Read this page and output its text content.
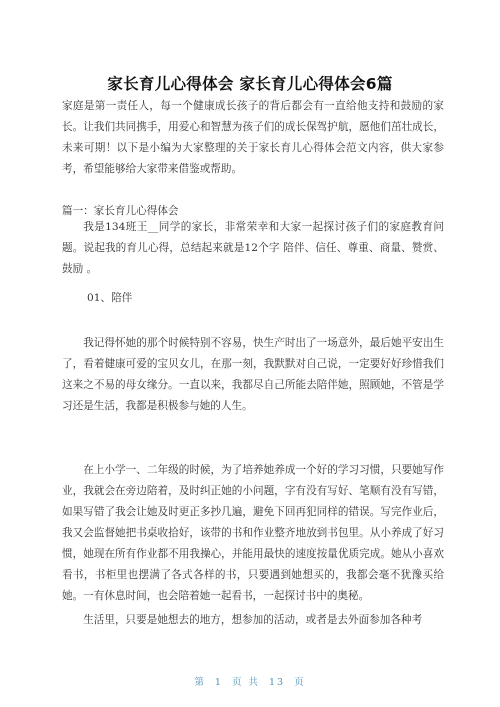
家长育儿心得体会 家长育儿心得体会6篇

家庭是第一责任人，每一个健康成长孩子的背后都会有一直给他支持和鼓励的家长。让我们共同携手，用爱心和智慧为孩子们的成长保驾护航，愿他们茁壮成长，未来可期！以下是小编为大家整理的关于家长育儿心得体会范文内容，供大家参考，希望能够给大家带来借鉴或帮助。

篇一：家长育儿心得体会

我是134班王__同学的家长，非常荣幸和大家一起探讨孩子们的家庭教育问题。说起我的育儿心得，总结起来就是12个字 陪伴、信任、尊重、商量、赞赏、鼓励 。

01、陪伴

我记得怀她的那个时候特别不容易，快生产时出了一场意外，最后她平安出生了，看着健康可爱的宝贝女儿，在那一刻，我默默对自己说，一定要好好珍惜我们这来之不易的母女缘分。一直以来，我都尽自己所能去陪伴她，照顾她，不管是学习还是生活，我都是积极参与她的人生。

在上小学一、二年级的时候，为了培养她养成一个好的学习习惯，只要她写作业，我就会在旁边陪着，及时纠正她的小问题，字有没有写好、笔顺有没有写错，如果写错了我会让她及时更正多抄几遍，避免下回再犯同样的错误。写完作业后，我又会监督她把书桌收拾好，该带的书和作业整齐地放到书包里。从小养成了好习惯，她现在所有作业都不用我操心，并能用最快的速度按量优质完成。她从小喜欢看书，书柜里也摆满了各式各样的书，只要遇到她想买的，我都会毫不犹豫买给她。一有休息时间，也会陪着她一起看书，一起探讨书中的奥秘。

生活里，只要是她想去的地方，想参加的活动，或者是去外面参加各种考

第 1 页 共 13 页
